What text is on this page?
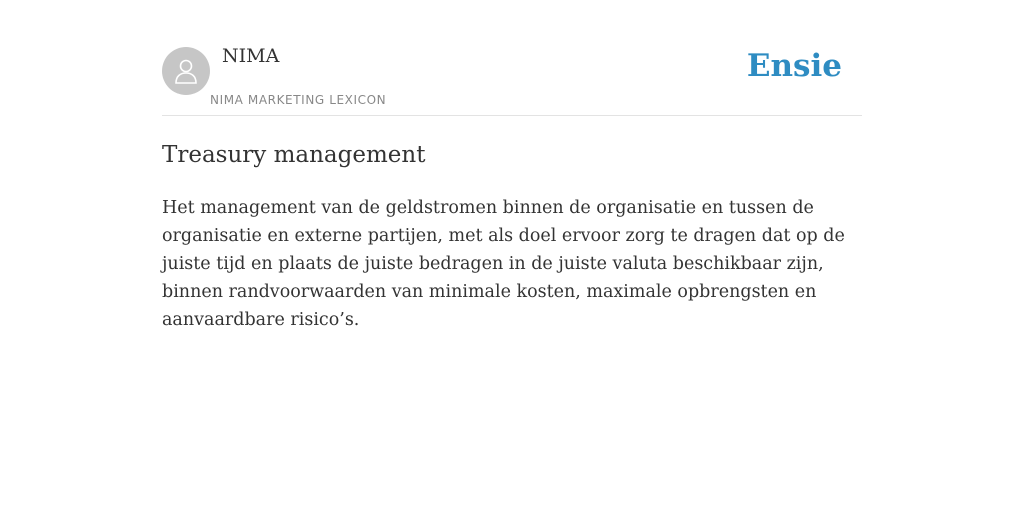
NIMA
NIMA MARKETING LEXICON
Ensie
Treasury management

Het management van de geldstromen binnen de organisatie en tussen de organisatie en externe partijen, met als doel ervoor zorg te dragen dat op de juiste tijd en plaats de juiste bedragen in de juiste valuta beschikbaar zijn, binnen randvoorwaarden van minimale kosten, maximale opbrengsten en aanvaardbare risico’s.
